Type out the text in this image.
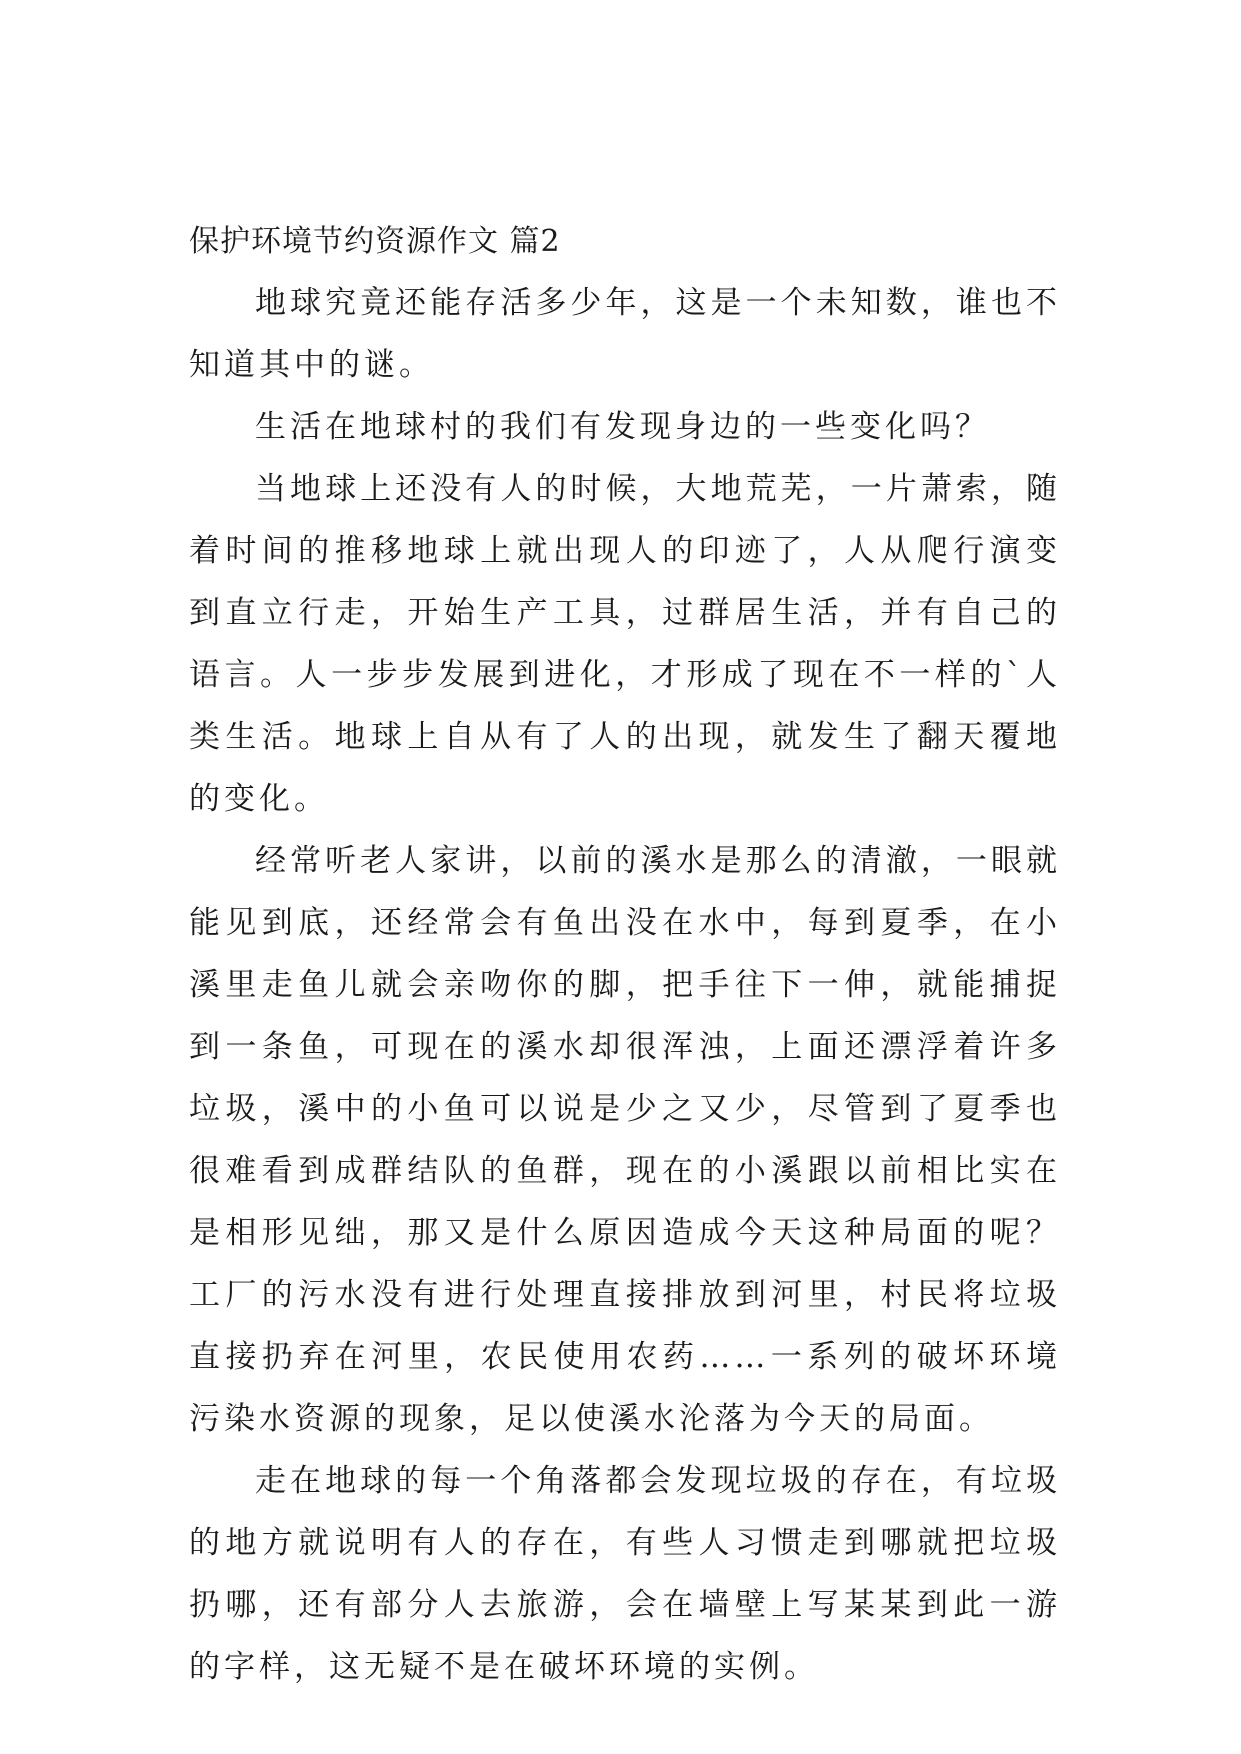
保护环境节约资源作文 篇2

地球究竟还能存活多少年，这是一个未知数，谁也不知道其中的谜。

生活在地球村的我们有发现身边的一些变化吗？

当地球上还没有人的时候，大地荒芜，一片萧索，随着时间的推移地球上就出现人的印迹了，人从爬行演变到直立行走，开始生产工具，过群居生活，并有自己的语言。人一步步发展到进化，才形成了现在不一样的`人类生活。地球上自从有了人的出现，就发生了翻天覆地的变化。

经常听老人家讲，以前的溪水是那么的清澈，一眼就能见到底，还经常会有鱼出没在水中，每到夏季，在小溪里走鱼儿就会亲吻你的脚，把手往下一伸，就能捕捉到一条鱼，可现在的溪水却很浑浊，上面还漂浮着许多垃圾，溪中的小鱼可以说是少之又少，尽管到了夏季也很难看到成群结队的鱼群，现在的小溪跟以前相比实在是相形见绌，那又是什么原因造成今天这种局面的呢？工厂的污水没有进行处理直接排放到河里，村民将垃圾直接扔弃在河里，农民使用农药……一系列的破坏环境污染水资源的现象，足以使溪水沦落为今天的局面。

走在地球的每一个角落都会发现垃圾的存在，有垃圾的地方就说明有人的存在，有些人习惯走到哪就把垃圾扔哪，还有部分人去旅游，会在墙壁上写某某到此一游的字样，这无疑不是在破坏环境的实例。
